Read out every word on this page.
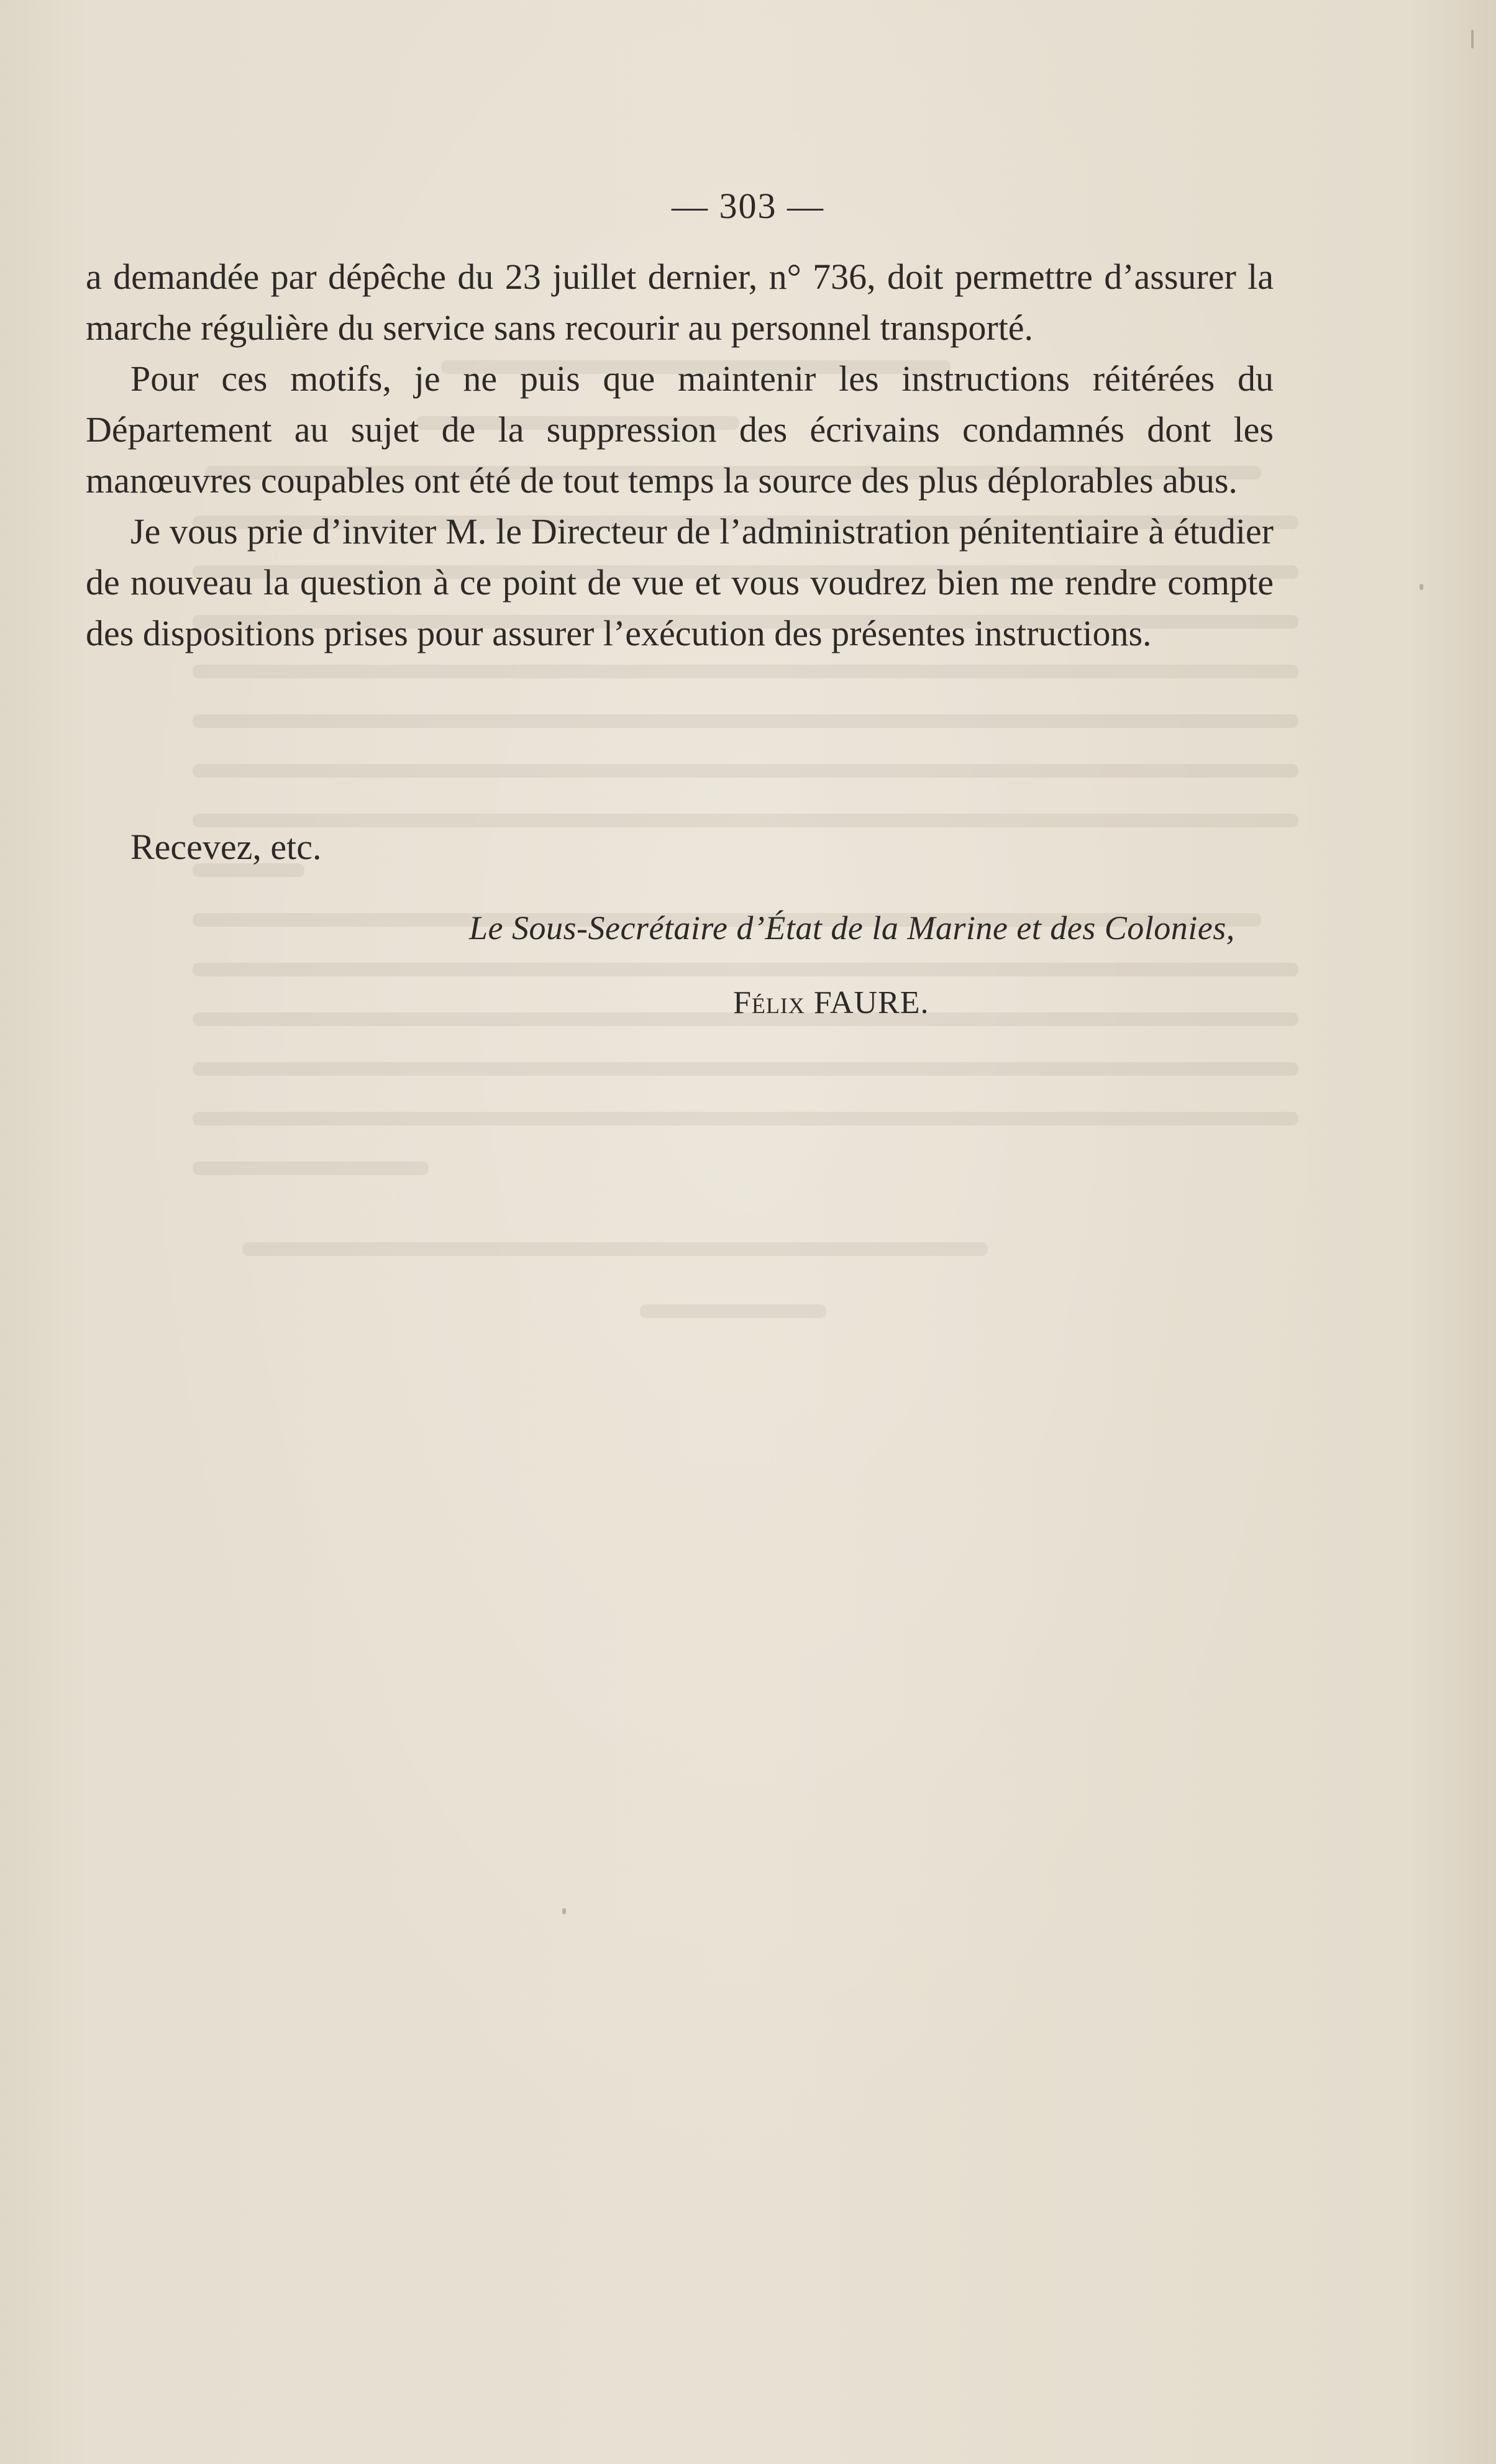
— 303 —

a demandée par dépêche du 23 juillet dernier, n° 736, doit permettre d’assurer la marche régulière du service sans recourir au personnel transporté.

Pour ces motifs, je ne puis que maintenir les instructions réitérées du Département au sujet de la suppression des écrivains condamnés dont les manœuvres coupables ont été de tout temps la source des plus déplorables abus.

Je vous prie d’inviter M. le Directeur de l’administration pénitentiaire à étudier de nouveau la question à ce point de vue et vous voudrez bien me rendre compte des dispositions prises pour assurer l’exécution des présentes instructions.

Recevez, etc.
Le Sous-Secrétaire d’État de la Marine et des Colonies,
Félix FAURE.
